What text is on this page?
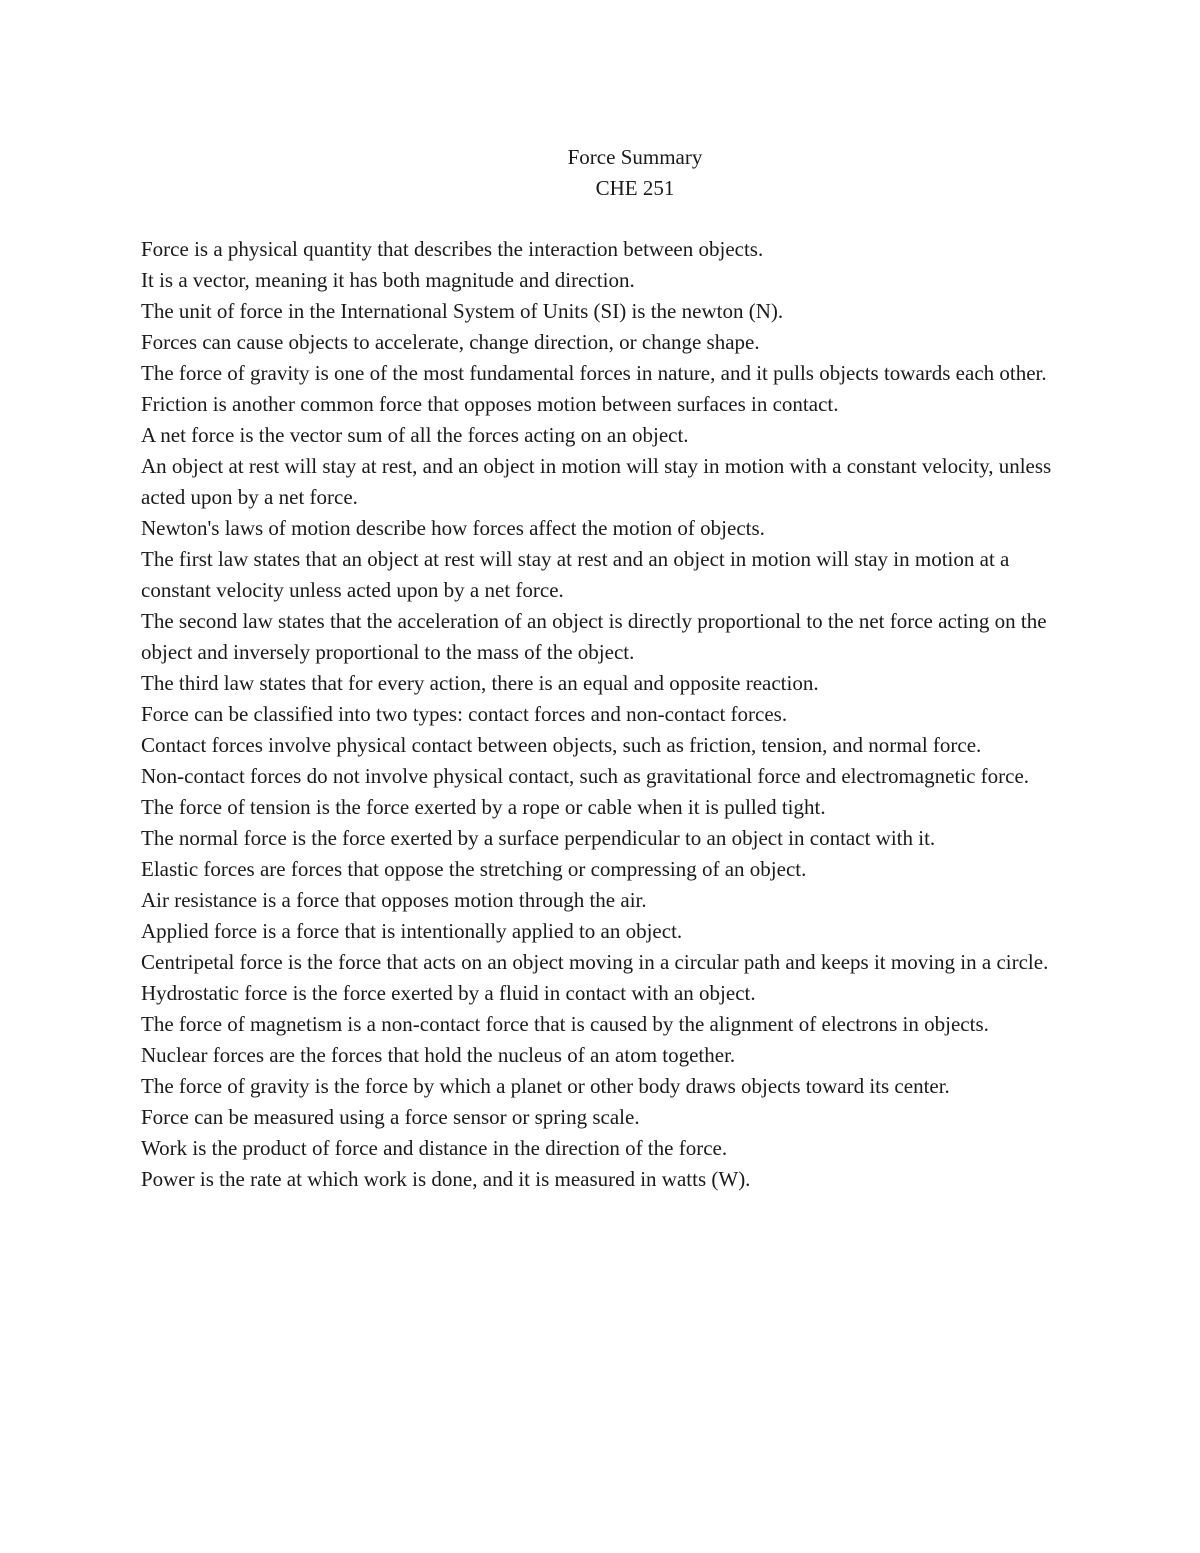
Force Summary
CHE 251

Force is a physical quantity that describes the interaction between objects.

It is a vector, meaning it has both magnitude and direction.

The unit of force in the International System of Units (SI) is the newton (N).

Forces can cause objects to accelerate, change direction, or change shape.

The force of gravity is one of the most fundamental forces in nature, and it pulls objects towards each other.

Friction is another common force that opposes motion between surfaces in contact.

A net force is the vector sum of all the forces acting on an object.

An object at rest will stay at rest, and an object in motion will stay in motion with a constant velocity, unless acted upon by a net force.

Newton's laws of motion describe how forces affect the motion of objects.

The first law states that an object at rest will stay at rest and an object in motion will stay in motion at a constant velocity unless acted upon by a net force.

The second law states that the acceleration of an object is directly proportional to the net force acting on the object and inversely proportional to the mass of the object.

The third law states that for every action, there is an equal and opposite reaction.

Force can be classified into two types: contact forces and non-contact forces.

Contact forces involve physical contact between objects, such as friction, tension, and normal force.

Non-contact forces do not involve physical contact, such as gravitational force and electromagnetic force.

The force of tension is the force exerted by a rope or cable when it is pulled tight.

The normal force is the force exerted by a surface perpendicular to an object in contact with it.

Elastic forces are forces that oppose the stretching or compressing of an object.

Air resistance is a force that opposes motion through the air.

Applied force is a force that is intentionally applied to an object.

Centripetal force is the force that acts on an object moving in a circular path and keeps it moving in a circle.

Hydrostatic force is the force exerted by a fluid in contact with an object.

The force of magnetism is a non-contact force that is caused by the alignment of electrons in objects.

Nuclear forces are the forces that hold the nucleus of an atom together.

The force of gravity is the force by which a planet or other body draws objects toward its center.

Force can be measured using a force sensor or spring scale.

Work is the product of force and distance in the direction of the force.

Power is the rate at which work is done, and it is measured in watts (W).
